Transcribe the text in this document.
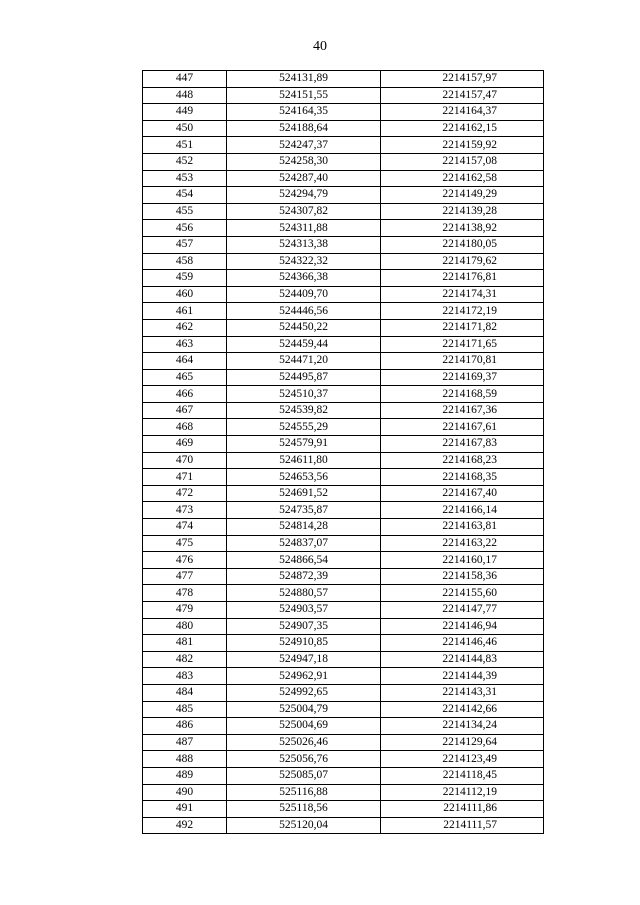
40
447	524131,89	2214157,97
448	524151,55	2214157,47
449	524164,35	2214164,37
450	524188,64	2214162,15
451	524247,37	2214159,92
452	524258,30	2214157,08
453	524287,40	2214162,58
454	524294,79	2214149,29
455	524307,82	2214139,28
456	524311,88	2214138,92
457	524313,38	2214180,05
458	524322,32	2214179,62
459	524366,38	2214176,81
460	524409,70	2214174,31
461	524446,56	2214172,19
462	524450,22	2214171,82
463	524459,44	2214171,65
464	524471,20	2214170,81
465	524495,87	2214169,37
466	524510,37	2214168,59
467	524539,82	2214167,36
468	524555,29	2214167,61
469	524579,91	2214167,83
470	524611,80	2214168,23
471	524653,56	2214168,35
472	524691,52	2214167,40
473	524735,87	2214166,14
474	524814,28	2214163,81
475	524837,07	2214163,22
476	524866,54	2214160,17
477	524872,39	2214158,36
478	524880,57	2214155,60
479	524903,57	2214147,77
480	524907,35	2214146,94
481	524910,85	2214146,46
482	524947,18	2214144,83
483	524962,91	2214144,39
484	524992,65	2214143,31
485	525004,79	2214142,66
486	525004,69	2214134,24
487	525026,46	2214129,64
488	525056,76	2214123,49
489	525085,07	2214118,45
490	525116,88	2214112,19
491	525118,56	2214111,86
492	525120,04	2214111,57
